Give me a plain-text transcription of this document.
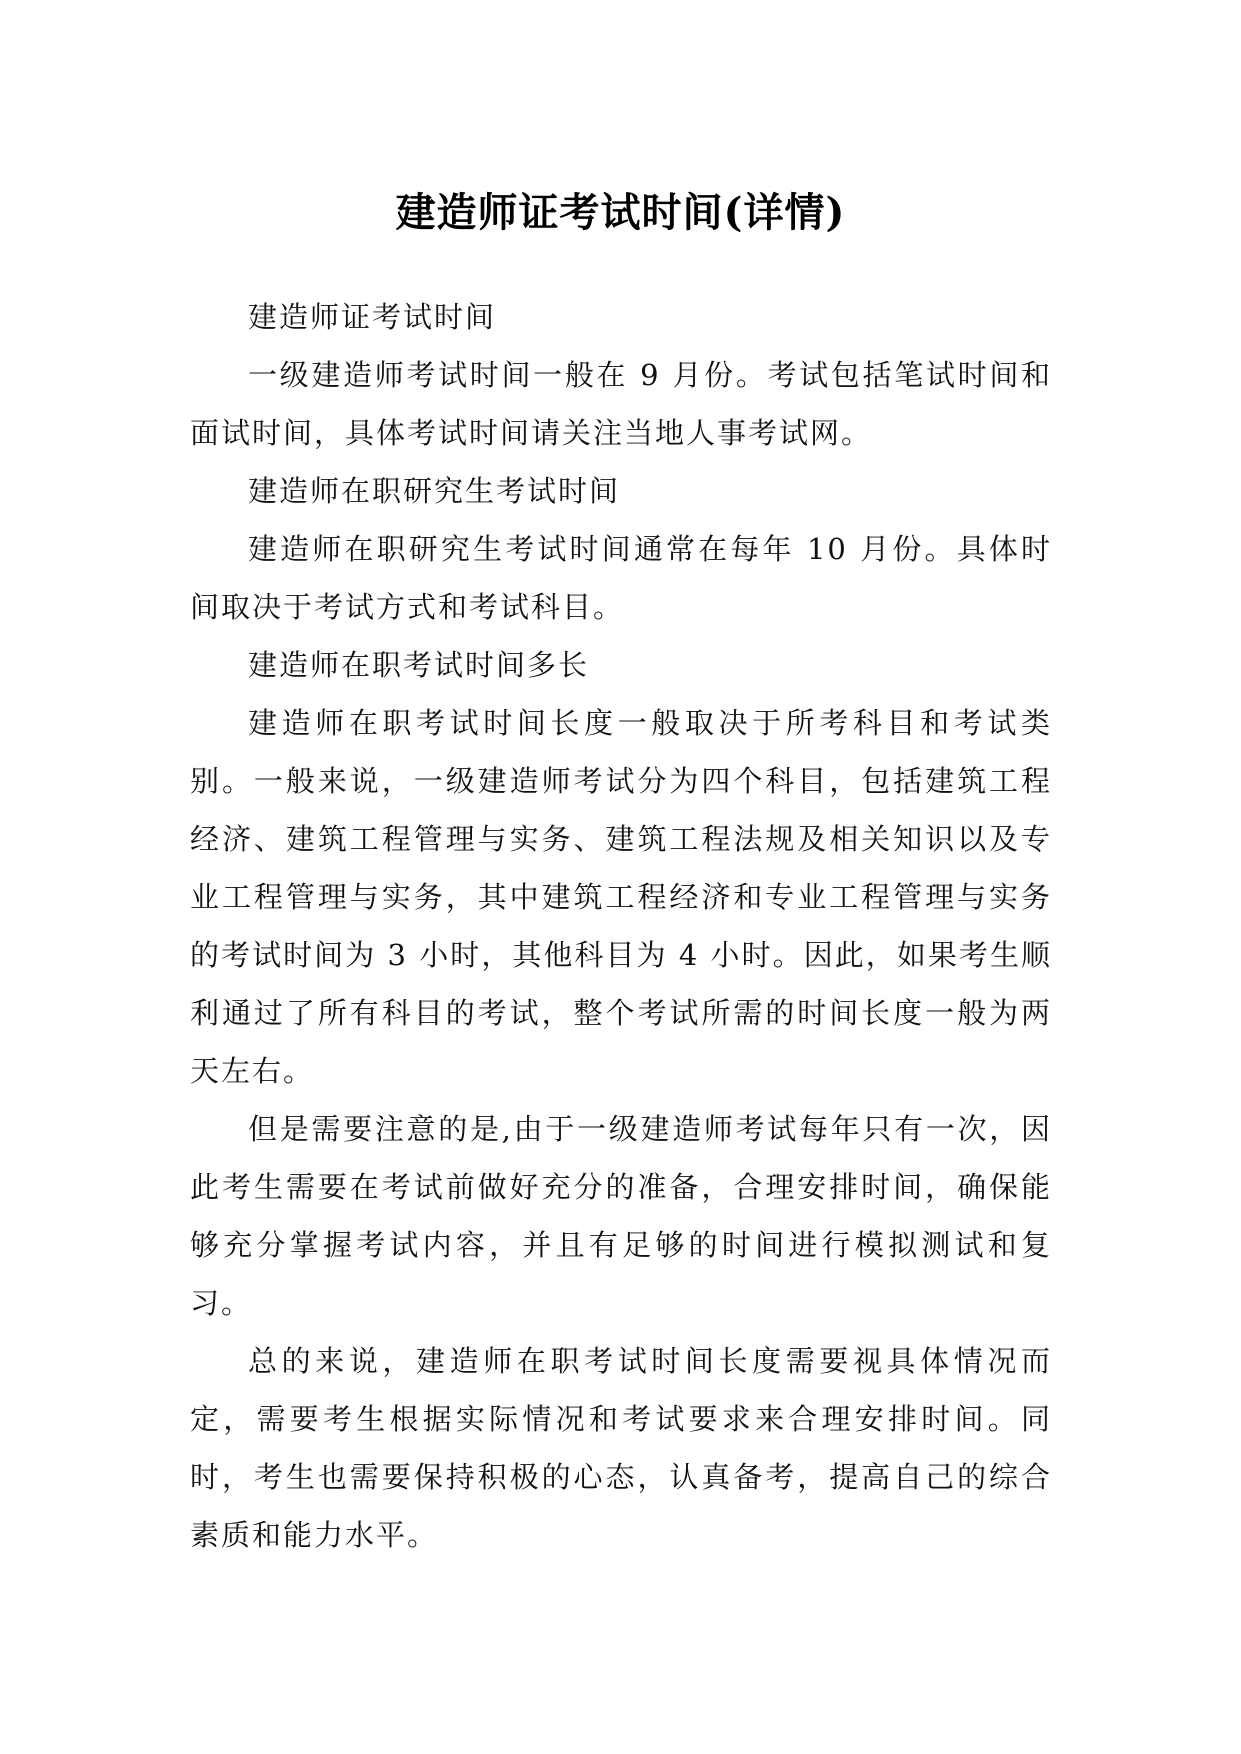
建造师证考试时间(详情)

建造师证考试时间

一级建造师考试时间一般在 9 月份。考试包括笔试时间和面试时间，具体考试时间请关注当地人事考试网。

建造师在职研究生考试时间

建造师在职研究生考试时间通常在每年 10 月份。具体时间取决于考试方式和考试科目。

建造师在职考试时间多长

建造师在职考试时间长度一般取决于所考科目和考试类别。一般来说，一级建造师考试分为四个科目，包括建筑工程经济、建筑工程管理与实务、建筑工程法规及相关知识以及专业工程管理与实务，其中建筑工程经济和专业工程管理与实务的考试时间为 3 小时，其他科目为 4 小时。因此，如果考生顺利通过了所有科目的考试，整个考试所需的时间长度一般为两天左右。

但是需要注意的是,由于一级建造师考试每年只有一次，因此考生需要在考试前做好充分的准备，合理安排时间，确保能够充分掌握考试内容，并且有足够的时间进行模拟测试和复习。

总的来说，建造师在职考试时间长度需要视具体情况而定，需要考生根据实际情况和考试要求来合理安排时间。同时，考生也需要保持积极的心态，认真备考，提高自己的综合素质和能力水平。
